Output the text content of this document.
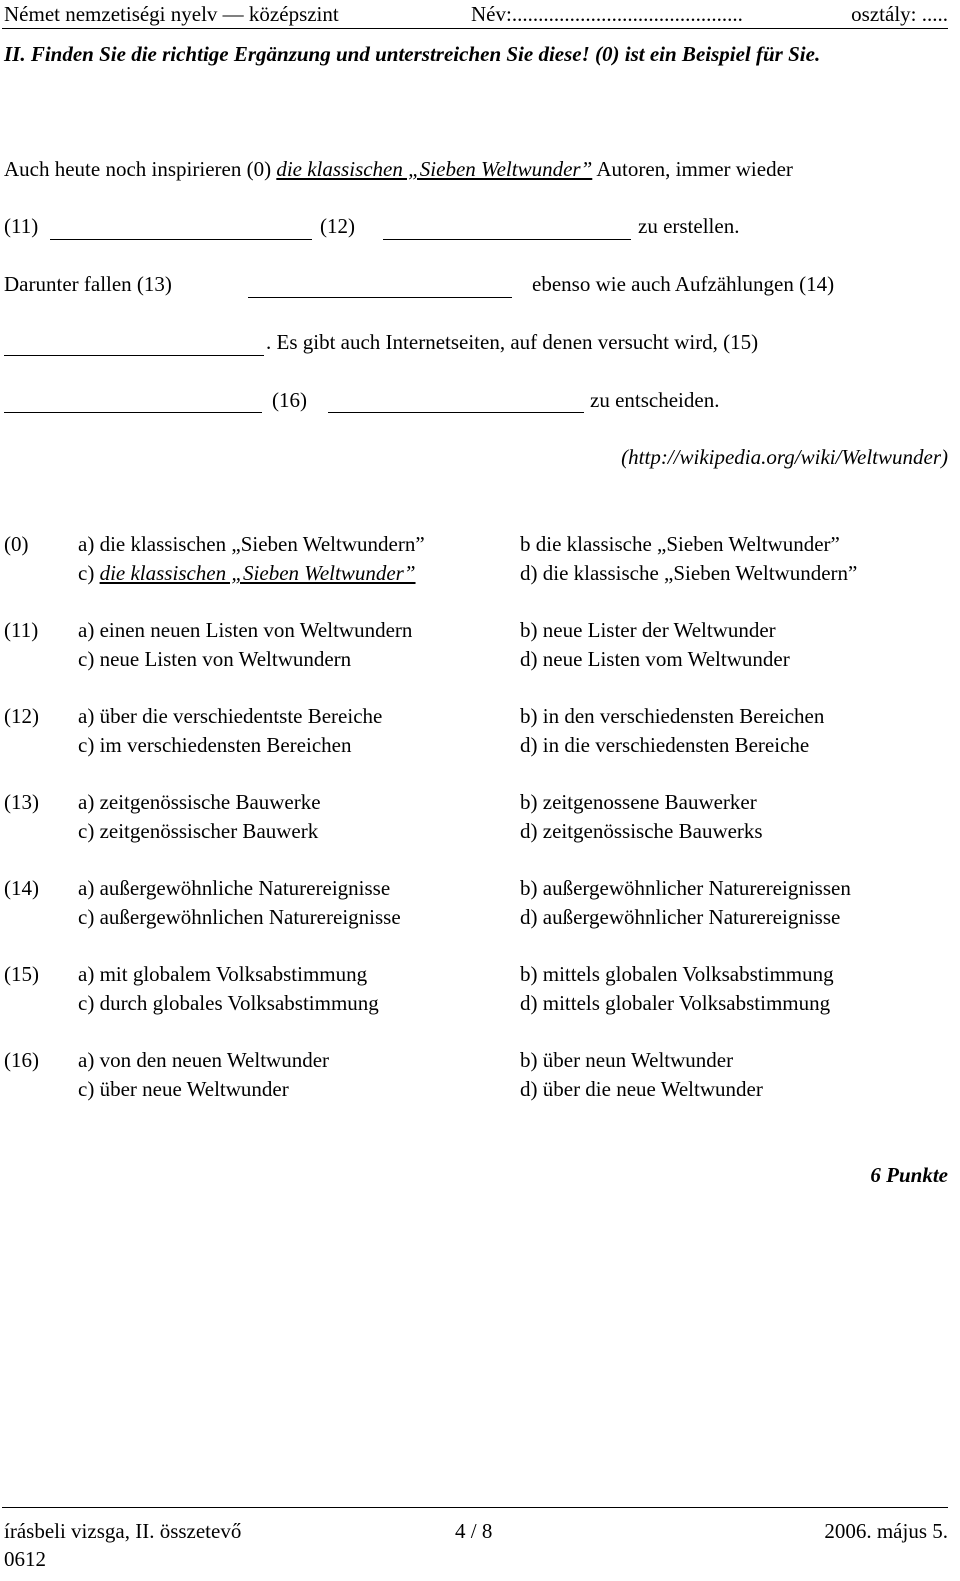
Német nemzetiségi nyelv — középszint	Név:............................................	osztály: .....
II. Finden Sie die richtige Ergänzung und unterstreichen Sie diese! (0) ist ein Beispiel für Sie.
Auch heute noch inspirieren (0) die klassischen „Sieben Weltwunder” Autoren, immer wieder
(11)	(12)	zu erstellen.
Darunter fallen (13)	ebenso wie auch Aufzählungen (14)
. Es gibt auch Internetseiten, auf denen versucht wird, (15)
(16)	zu entscheiden.
(http://wikipedia.org/wiki/Weltwunder)
(0) a) die klassischen „Sieben Weltwundern”	b die klassische „Sieben Weltwunder”
c) die klassischen „Sieben Weltwunder”	d) die klassische „Sieben Weltwundern”
(11) a) einen neuen Listen von Weltwundern	b) neue Lister der Weltwunder
c) neue Listen von Weltwundern	d) neue Listen vom Weltwunder
(12) a) über die verschiedentste Bereiche	b) in den verschiedensten Bereichen
c) im verschiedensten Bereichen	d) in die verschiedensten Bereiche
(13) a) zeitgenössische Bauwerke	b) zeitgenossene Bauwerker
c) zeitgenössischer Bauwerk	d) zeitgenössische Bauwerks
(14) a) außergewöhnliche Naturereignisse	b) außergewöhnlicher Naturereignissen
c) außergewöhnlichen Naturereignisse	d) außergewöhnlicher Naturereignisse
(15) a) mit globalem Volksabstimmung	b) mittels globalen Volksabstimmung
c) durch globales Volksabstimmung	d) mittels globaler Volksabstimmung
(16) a) von den neuen Weltwunder	b) über neun Weltwunder
c) über neue Weltwunder	d) über die neue Weltwunder
6 Punkte
írásbeli vizsga, II. összetevő
0612
4 / 8	2006. május 5.
